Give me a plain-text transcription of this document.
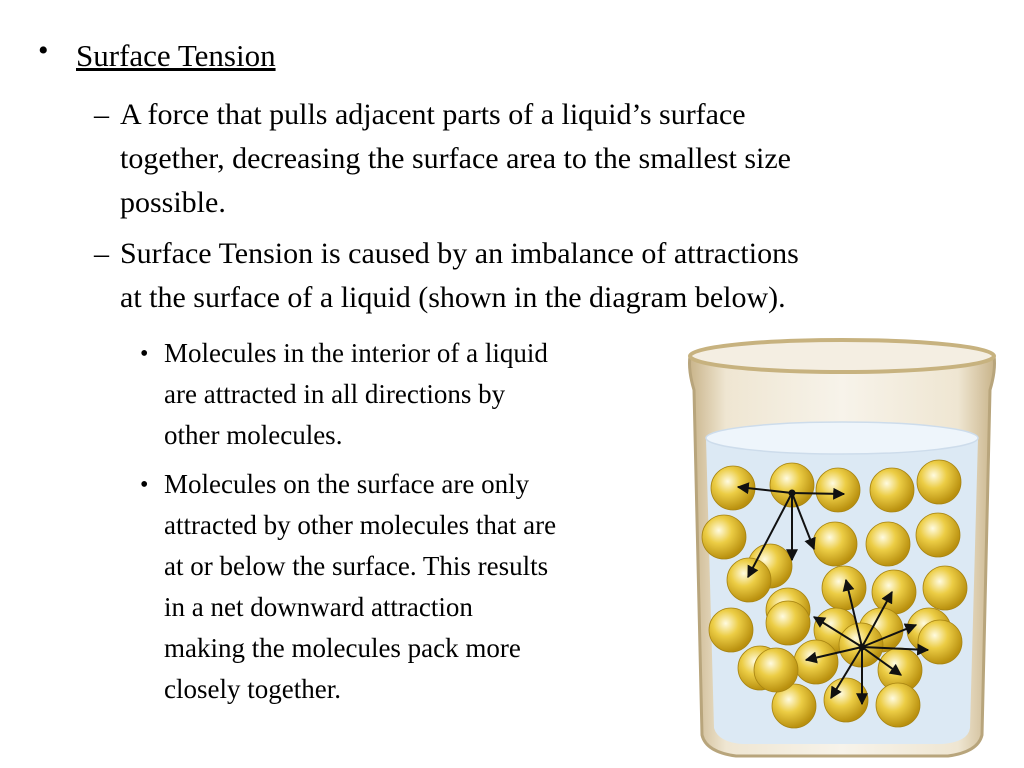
• Surface Tension
– A force that pulls adjacent parts of a liquid’s surface
together, decreasing the surface area to the smallest size
possible.
– Surface Tension is caused by an imbalance of attractions
at the surface of a liquid (shown in the diagram below).
• Molecules in the interior of a liquid
are attracted in all directions by
other molecules.
• Molecules on the surface are only
attracted by other molecules that are
at or below the surface. This results
in a net downward attraction
making the molecules pack more
closely together.
